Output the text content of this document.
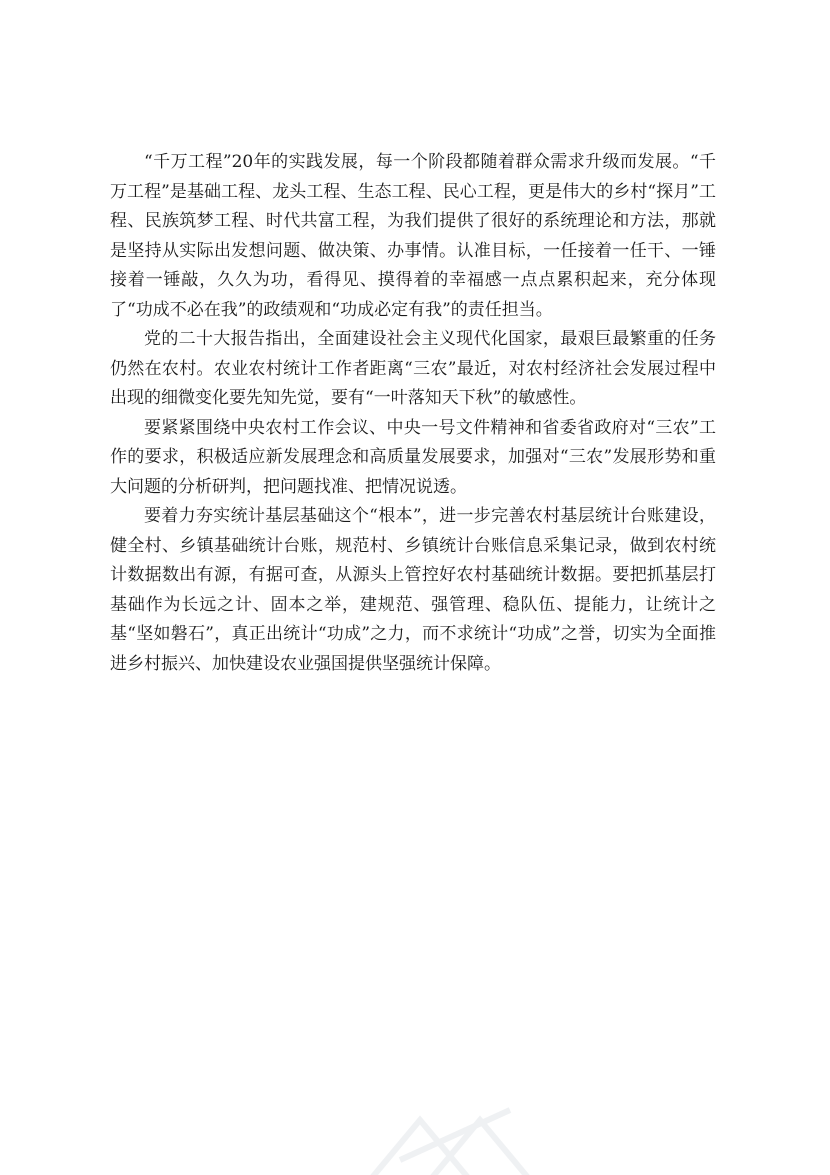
“千万工程”20年的实践发展，每一个阶段都随着群众需求升级而发展。“千万工程”是基础工程、龙头工程、生态工程、民心工程，更是伟大的乡村“探月”工程、民族筑梦工程、时代共富工程，为我们提供了很好的系统理论和方法，那就是坚持从实际出发想问题、做决策、办事情。认准目标，一任接着一任干、一锤接着一锤敲，久久为功，看得见、摸得着的幸福感一点点累积起来，充分体现了“功成不必在我”的政绩观和“功成必定有我”的责任担当。

党的二十大报告指出，全面建设社会主义现代化国家，最艰巨最繁重的任务仍然在农村。农业农村统计工作者距离“三农”最近，对农村经济社会发展过程中出现的细微变化要先知先觉，要有“一叶落知天下秋”的敏感性。

要紧紧围绕中央农村工作会议、中央一号文件精神和省委省政府对“三农”工作的要求，积极适应新发展理念和高质量发展要求，加强对“三农”发展形势和重大问题的分析研判，把问题找准、把情况说透。

要着力夯实统计基层基础这个“根本”，进一步完善农村基层统计台账建设，健全村、乡镇基础统计台账，规范村、乡镇统计台账信息采集记录，做到农村统计数据数出有源，有据可查，从源头上管控好农村基础统计数据。要把抓基层打基础作为长远之计、固本之举，建规范、强管理、稳队伍、提能力，让统计之基“坚如磐石”，真正出统计“功成”之力，而不求统计“功成”之誉，切实为全面推进乡村振兴、加快建设农业强国提供坚强统计保障。
